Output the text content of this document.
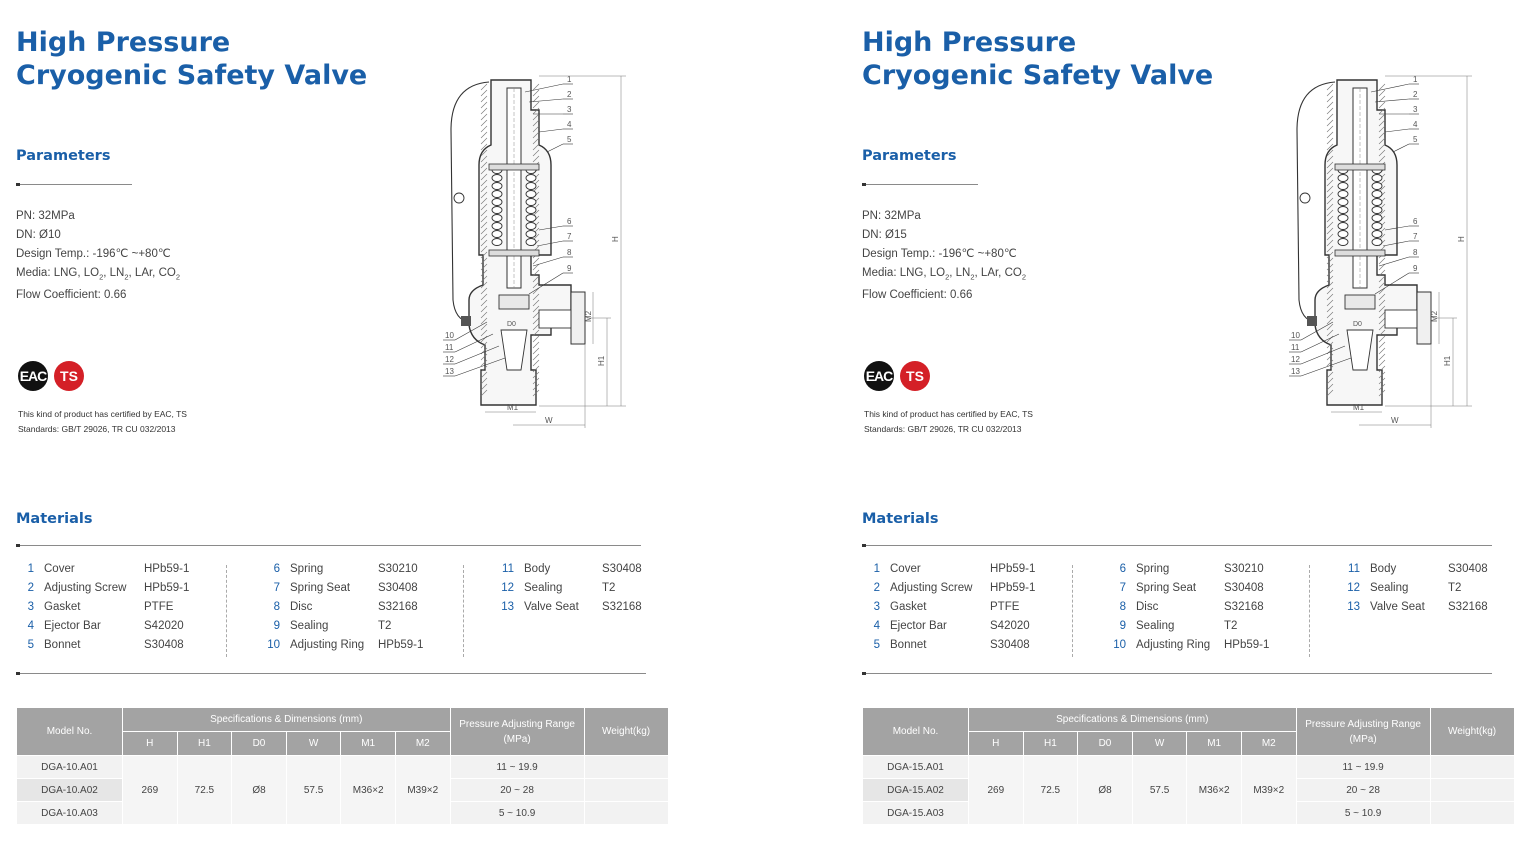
High Pressure
Cryogenic Safety Valve
Parameters
PN: 32MPa
DN: Ø10
Design Temp.: -196℃ ~+80℃
Media: LNG, $LO_2$, $LN_2$, LAr, $CO_2$
Flow Coefficient: 0.66
EAC TS
This kind of product has certified by EAC, TS
Standards: GB/T 29026, TR CU 032/2013
1
2
3
4
5
6
7
8
9
10
11
12
13
H
H1
M2
M1
W
D0
Materials
1 Cover	HPb59-1
2 Adjusting Screw HPb59-1
3 Gasket	PTFE
4 Ejector Bar	S42020
5 Bonnet	S30408
6 Spring	S30210
7 Spring Seat S30408
8 Disc	S32168
9 Sealing	T2
10 Adjusting Ring HPb59-1
11 Body	S30408
12 Sealing	T2
13 Valve Seat S32168
Model No.	Specifications & Dimensions (mm)						Pressure Adjusting Range (MPa)	Weight(kg)
	H	H1	D0	W	M1	M2		
DGA-10.A01	269	72.5	Ø8	57.5	M36×2	M39×2	11 ~ 19.9	
DGA-10.A02							20 ~ 28	
DGA-10.A03							5 ~ 10.9	
High Pressure
Cryogenic Safety Valve
Parameters
PN: 32MPa
DN: Ø15
Design Temp.: -196℃ ~+80℃
Media: LNG, $LO_2$, $LN_2$, LAr, $CO_2$
Flow Coefficient: 0.66
EAC TS
This kind of product has certified by EAC, TS
Standards: GB/T 29026, TR CU 032/2013
1
2
3
4
5
6
7
8
9
10
11
12
13
H
H1
M2
M1
W
D0
Materials
1 Cover	HPb59-1
2 Adjusting Screw HPb59-1
3 Gasket	PTFE
4 Ejector Bar	S42020
5 Bonnet	S30408
6 Spring	S30210
7 Spring Seat S30408
8 Disc	S32168
9 Sealing	T2
10 Adjusting Ring HPb59-1
11 Body	S30408
12 Sealing	T2
13 Valve Seat S32168
Model No.	Specifications & Dimensions (mm)						Pressure Adjusting Range (MPa)	Weight(kg)
	H	H1	D0	W	M1	M2		
DGA-15.A01	269	72.5	Ø8	57.5	M36×2	M39×2	11 ~ 19.9	
DGA-15.A02							20 ~ 28	
DGA-15.A03							5 ~ 10.9	
